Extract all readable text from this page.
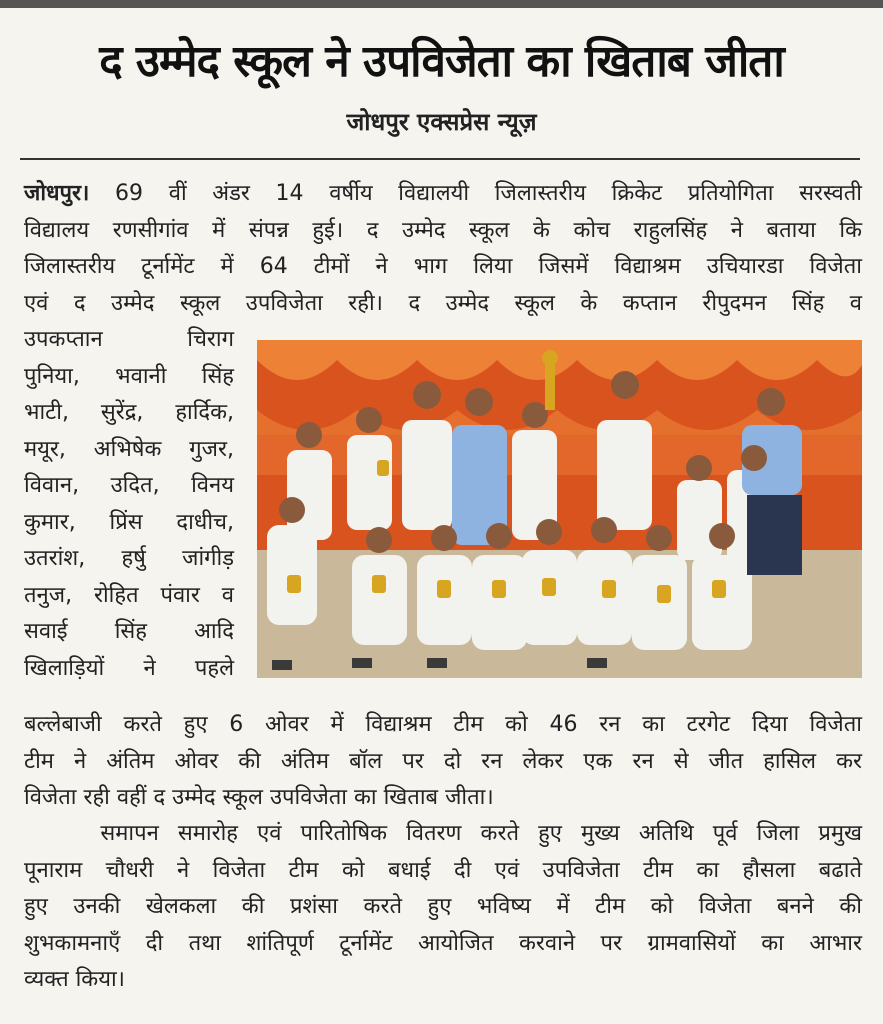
द उम्मेद स्कूल ने उपविजेता का खिताब जीता
जोधपुर एक्सप्रेस न्यूज़

जोधपुर। 69 वीं अंडर 14 वर्षीय विद्यालयी जिलास्तरीय क्रिकेट प्रतियोगिता सरस्वती
विद्यालय रणसीगांव में संपन्न हुई। द उम्मेद स्कूल के कोच राहुलसिंह ने बताया कि
जिलास्तरीय टूर्नामेंट में 64 टीमों ने भाग लिया जिसमें विद्याश्रम उचियारडा विजेता
एवं द उम्मेद स्कूल उपविजेता रही। द उम्मेद स्कूल के कप्तान रीपुदमन सिंह व

उपकप्तान चिराग
पुनिया, भवानी सिंह
भाटी, सुरेंद्र, हार्दिक,
मयूर, अभिषेक गुजर,
विवान, उदित, विनय
कुमार, प्रिंस दाधीच,
उतरांश, हर्षु जांगीड़
तनुज, रोहित पंवार व
सवाई सिंह आदि
खिलाड़ियों ने पहले

बल्लेबाजी करते हुए 6 ओवर में विद्याश्रम टीम को 46 रन का टरगेट दिया विजेता
टीम ने अंतिम ओवर की अंतिम बॉल पर दो रन लेकर एक रन से जीत हासिल कर
विजेता रही वहीं द उम्मेद स्कूल उपविजेता का खिताब जीता।

समापन समारोह एवं पारितोषिक वितरण करते हुए मुख्य अतिथि पूर्व जिला प्रमुख
पूनाराम चौधरी ने विजेता टीम को बधाई दी एवं उपविजेता टीम का हौसला बढाते
हुए उनकी खेलकला की प्रशंसा करते हुए भविष्य में टीम को विजेता बनने की
शुभकामनाएँ दी तथा शांतिपूर्ण टूर्नामेंट आयोजित करवाने पर ग्रामवासियों का आभार
व्यक्त किया।
